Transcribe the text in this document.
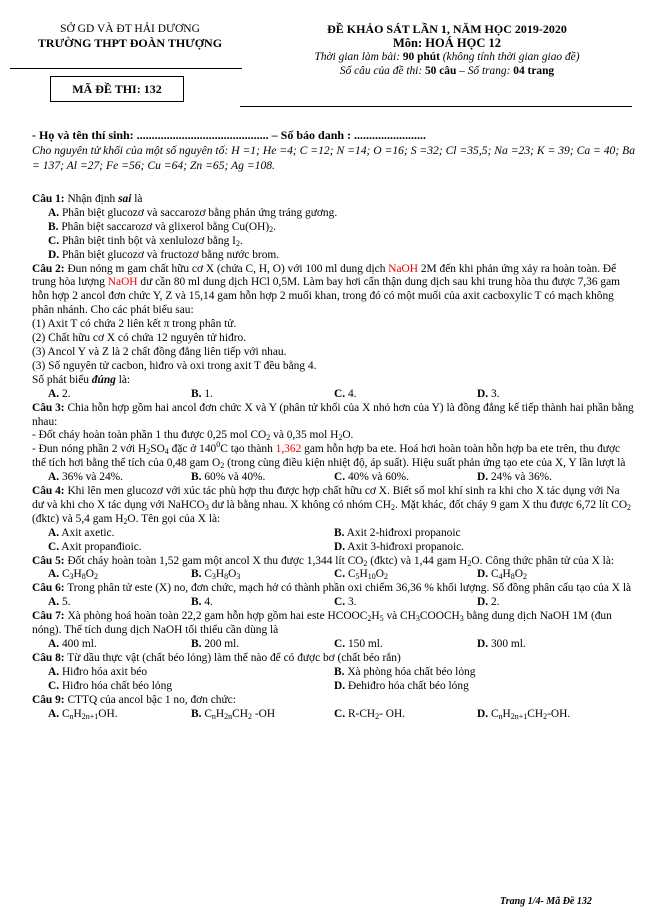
SỞ GD VÀ ĐT HẢI DƯƠNG
TRƯỜNG THPT ĐOÀN THƯỢNG
MÃ ĐỀ THI: 132
ĐỀ KHẢO SÁT LẦN 1, NĂM HỌC 2019-2020
Môn: HOÁ HỌC 12
Thời gian làm bài: 90 phút (không tính thời gian giao đề)
Số câu của đề thi: 50 câu – Số trang: 04 trang
- Họ và tên thí sinh: ............................................ – Số báo danh : ........................
Cho nguyên tử khối của một số nguyên tố: H =1; He =4; C =12; N =14; O =16; S =32; Cl =35,5; Na =23; K = 39; Ca = 40; Ba = 137; Al =27; Fe =56; Cu =64; Zn =65; Ag =108.
Câu 1: Nhận định sai là
A. Phân biệt glucozơ và saccarozơ bằng phản ứng tráng gương.
B. Phân biệt saccarozơ và glixerol bằng $Cu(OH)_2$.
C. Phân biệt tinh bột và xenlulozơ bằng $I_2$.
D. Phân biệt glucozơ và fructozơ bằng nước brom.
Câu 2: Đun nóng m gam chất hữu cơ X (chứa C, H, O) với 100 ml dung dịch NaOH 2M đến khi phản ứng xảy ra hoàn toàn. Để trung hòa lượng NaOH dư cần 80 ml dung dịch HCl 0,5M. Làm bay hơi cẩn thận dung dịch sau khi trung hòa thu được 7,36 gam hỗn hợp 2 ancol đơn chức Y, Z và 15,14 gam hỗn hợp 2 muối khan, trong đó có một muối của axit cacboxylic T có mạch không phân nhánh. Cho các phát biểu sau:
(1) Axit T có chứa 2 liên kết π trong phân tử.
(2) Chất hữu cơ X có chứa 12 nguyên tử hiđro.
(3) Ancol Y và Z là 2 chất đồng đẳng liên tiếp với nhau.
(3) Số nguyên tử cacbon, hiđro và oxi trong axit T đều bằng 4.
Số phát biểu đúng là:
A. 2.	B. 1.	C. 4.	D. 3.
Câu 3: Chia hỗn hợp gồm hai ancol đơn chức X và Y (phân tử khối của X nhỏ hơn của Y) là đồng đẳng kế tiếp thành hai phần bằng nhau:
- Đốt cháy hoàn toàn phần 1 thu được 0,25 mol $CO_2$ và 0,35 mol $H_2O$.
- Đun nóng phần 2 với $H_2SO_4$ đặc ở $140^0C$ tạo thành 1,362 gam hỗn hợp ba ete. Hoá hơi hoàn toàn hỗn hợp ba ete trên, thu được thể tích hơi bằng thể tích của 0,48 gam $O_2$ (trong cùng điều kiện nhiệt độ, áp suất). Hiệu suất phản ứng tạo ete của X, Y lần lượt là
A. 36% và 24%.	B. 60% và 40%.	C. 40% và 60%.	D. 24% và 36%.
Câu 4: Khi lên men glucozơ với xúc tác phù hợp thu được hợp chất hữu cơ X. Biết số mol khí sinh ra khi cho X tác dụng với Na dư và khi cho X tác dụng với NaHCO$_3$ dư là bằng nhau. X không có nhóm $CH_2$. Mặt khác, đốt cháy 9 gam X thu được 6,72 lít $CO_2$ (đktc) và 5,4 gam $H_2O$. Tên gọi của X là:
A. Axit axetic.	B. Axit 2-hiđroxi propanoic
C. Axit propanđioic.	D. Axit 3-hiđroxi propanoic.
Câu 5: Đốt cháy hoàn toàn 1,52 gam một ancol X thu được 1,344 lít $CO_2$ (đktc) và 1,44 gam $H_2O$. Công thức phân tử của X là:
A. $C_3H_8O_2$	B. $C_3H_8O_3$	C. $C_5H_{10}O_2$	D. $C_4H_8O_2$
Câu 6: Trong phân tử este (X) no, đơn chức, mạch hở có thành phần oxi chiếm 36,36 % khối lượng. Số đồng phân cấu tạo của X là
A. 5.	B. 4.	C. 3.	D. 2.
Câu 7: Xà phòng hoá hoàn toàn 22,2 gam hỗn hợp gồm hai este $HCOOC_2H_5$ và $CH_3COOCH_3$ bằng dung dịch NaOH 1M (đun nóng). Thể tích dung dịch NaOH tối thiểu cần dùng là
A. 400 ml.	B. 200 ml.	C. 150 ml.	D. 300 ml.
Câu 8: Từ dầu thực vật (chất béo lỏng) làm thế nào để có được bơ (chất béo rắn)
A. Hiđro hóa axit béo	B. Xà phòng hóa chất béo lỏng
C. Hiđro hóa chất béo lỏng	D. Đehiđro hóa chất béo lỏng
Câu 9: CTTQ của ancol bậc 1 no, đơn chức:
A. $C_nH_{2n+1}OH$.	B. $C_nH_{2n}CH_2$ -OH	C. $R-CH_2-$ OH.	D. $C_nH_{2n+1}CH_2-OH$.
Trang 1/4- Mã Đề 132
